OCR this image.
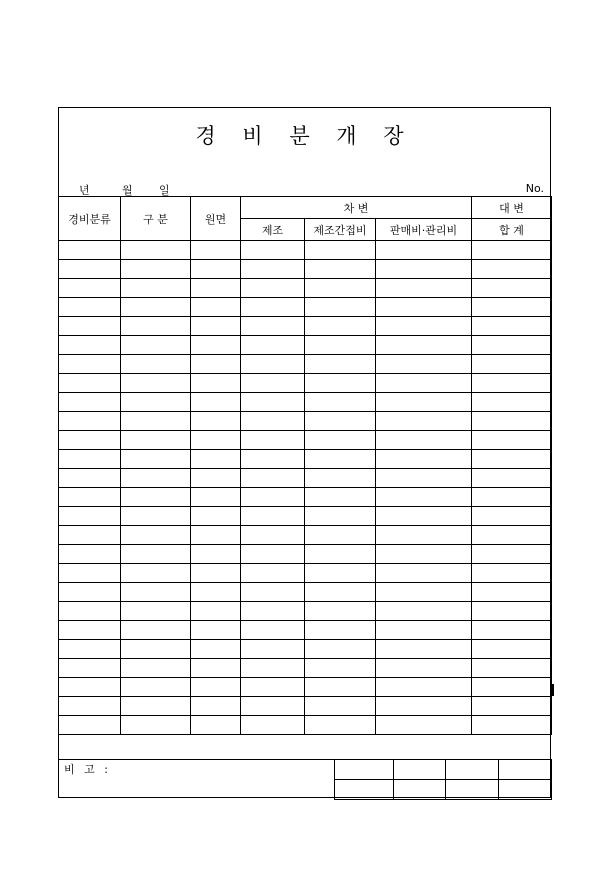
경 비 분 개 장
년	월 일	No.
경비분류	구 분	원면	차 변			대 변
			제조	제조간접비	판매비·관리비	합 계

비 고 :
